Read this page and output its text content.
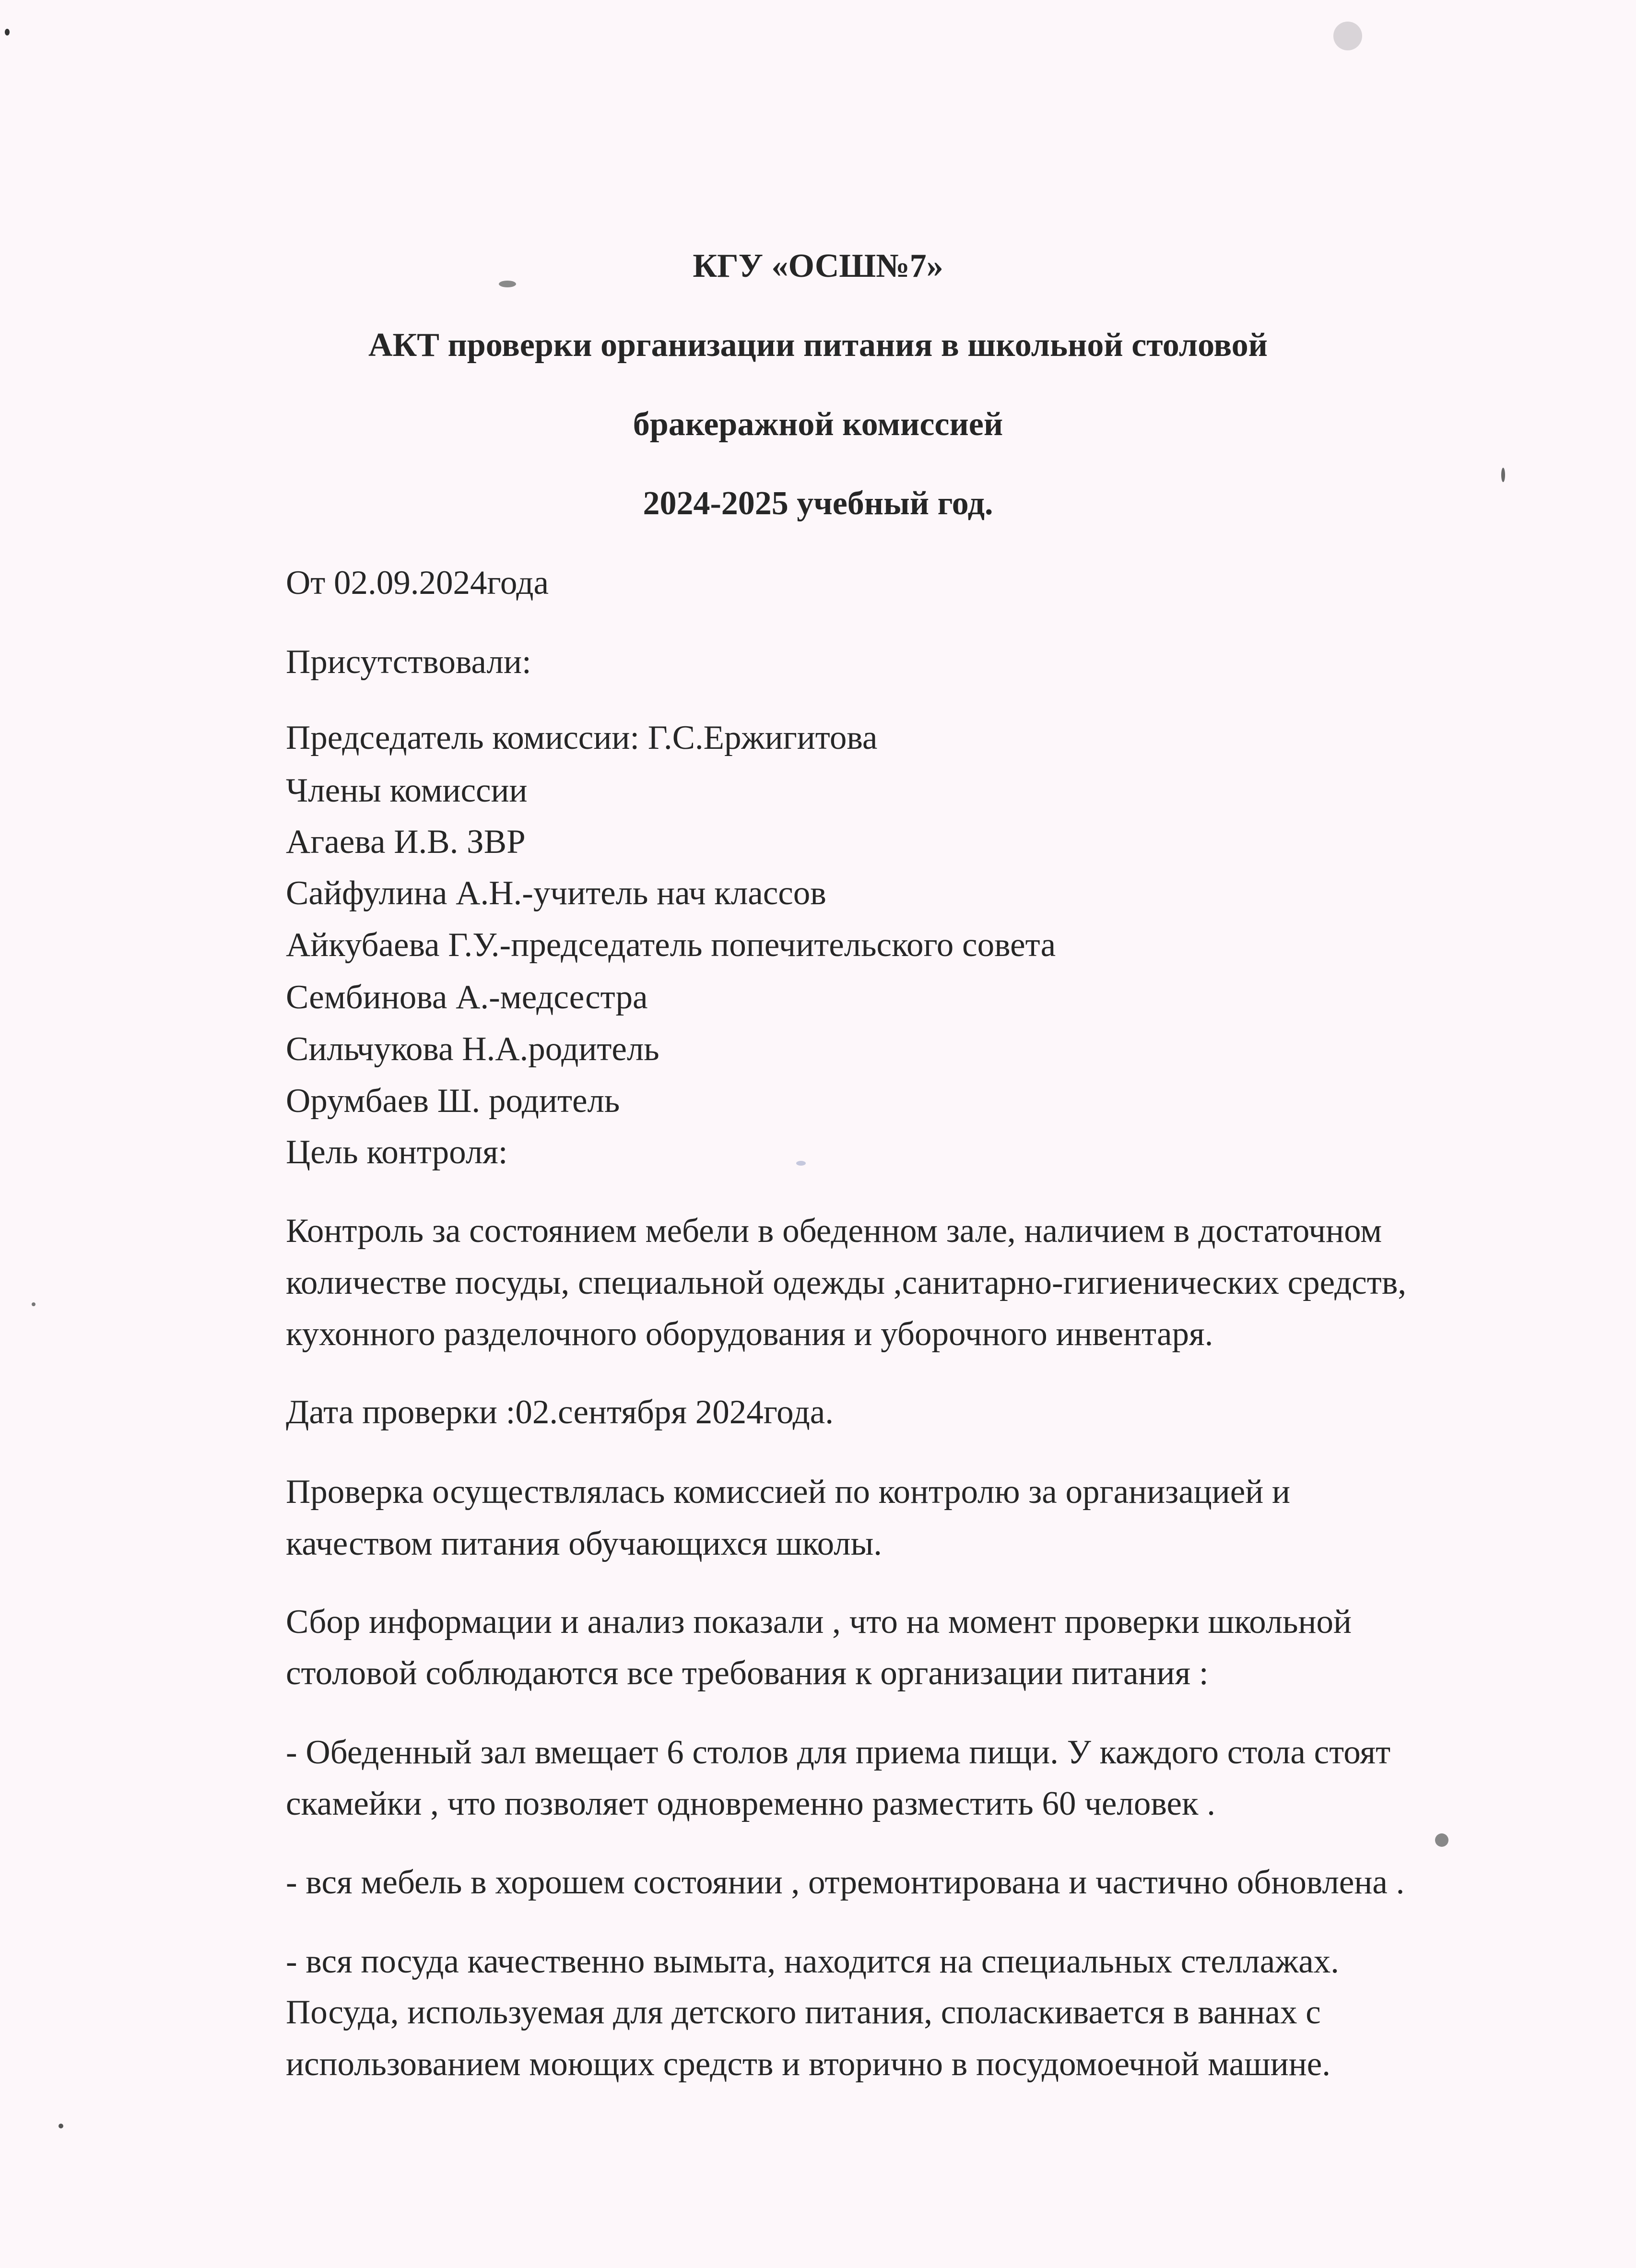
КГУ «ОСШ№7»

АКТ проверки организации питания в школьной столовой

бракеражной комиссией

2024-2025 учебный год.

От 02.09.2024года

Присутствовали:

Председатель комиссии: Г.С.Ержигитова

Члены комиссии

Агаева И.В. ЗВР

Сайфулина А.Н.-учитель нач классов

Айкубаева Г.У.-председатель попечительского совета

Сембинова А.-медсестра

Сильчукова Н.А.родитель

Орумбаев Ш. родитель

Цель контроля:

Контроль за состоянием мебели в обеденном зале, наличием в достаточном

количестве посуды, специальной одежды ,санитарно-гигиенических средств,

кухонного разделочного оборудования и уборочного инвентаря.

Дата проверки :02.сентября 2024года.

Проверка осуществлялась комиссией по контролю за организацией и

качеством питания обучающихся школы.

Сбор информации и анализ показали , что на момент проверки школьной

столовой соблюдаются все требования к организации питания :

- Обеденный зал вмещает 6 столов для приема пищи. У каждого стола стоят

скамейки , что позволяет одновременно разместить 60 человек .

- вся мебель в хорошем состоянии , отремонтирована и частично обновлена .

- вся посуда качественно вымыта, находится на специальных стеллажах.

Посуда, используемая для детского питания, споласкивается в ваннах с

использованием моющих средств и вторично в посудомоечной машине.
